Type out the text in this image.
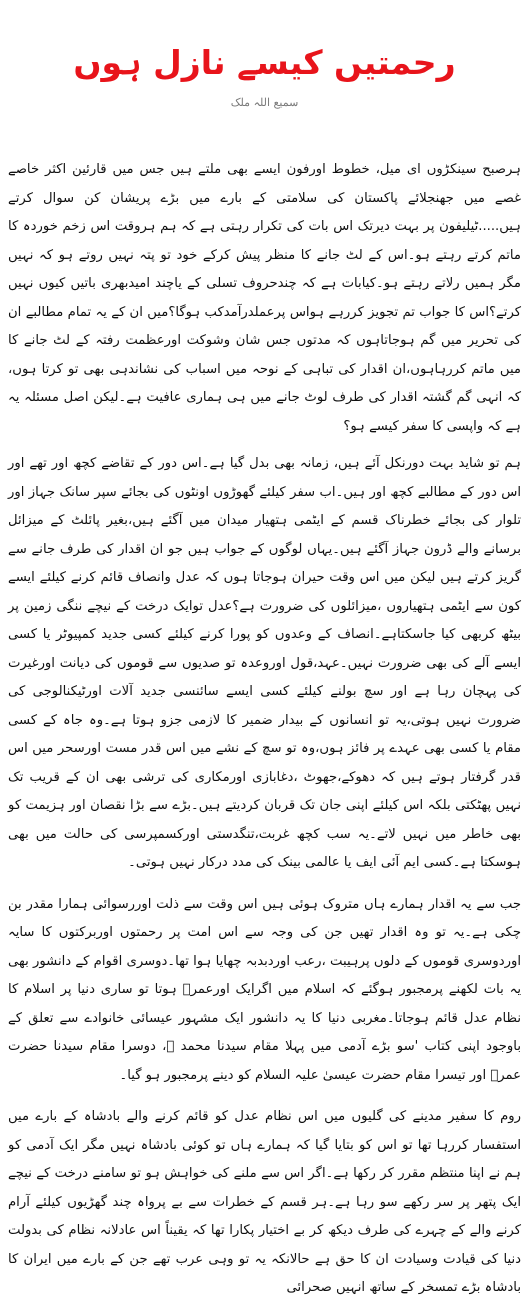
رحمتیں کیسے نازل ہوں
سمیع اللہ ملک

ہرصبح سینکڑوں ای میل، خطوط اورفون ایسے بھی ملتے ہیں جس میں قارئین اکثر خاصے غصے میں جھنجلائے پاکستان کی سلامتی کے بارے میں بڑے پریشان کن سوال کرتے ہیں.....ٹیلیفون پر بہت دیرتک اس بات کی تکرار رہتی ہے کہ ہم ہروقت اس زخم خوردہ کا ماتم کرتے رہتے ہو۔اس کے لٹ جانے کا منظر پیش کرکے خود تو پتہ نہیں روتے ہو کہ نہیں مگر ہمیں رلاتے رہتے ہو۔کیابات ہے کہ چندحروف تسلی کے یاچند امیدبھری باتیں کیوں نہیں کرتے؟اس کا جواب تم تجویز کررہے ہواس پرعملدرآمدکب ہوگا؟میں ان کے یہ تمام مطالبے ان کی تحریر میں گم ہوجاتاہوں کہ مدتوں جس شان وشوکت اورعظمت رفتہ کے لٹ جانے کا میں ماتم کررہاہوں،ان اقدار کی تباہی کے نوحہ میں اسباب کی نشاندہی بھی تو کرتا ہوں، کہ انہی گم گشتہ اقدار کی طرف لوٹ جانے میں ہی ہماری عافیت ہے۔لیکن اصل مسئلہ یہ ہے کہ واپسی کا سفر کیسے ہو؟

ہم تو شاید بہت دورنکل آئے ہیں، زمانہ بھی بدل گیا ہے۔اس دور کے تقاضے کچھ اور تھے اور اس دور کے مطالبے کچھ اور ہیں۔اب سفر کیلئے گھوڑوں اونٹوں کی بجائے سپر سانک جہاز اور تلوار کی بجائے خطرناک قسم کے ایٹمی ہتھیار میدان میں آگئے ہیں،بغیر پائلٹ کے میزائل برسانے والے ڈرون جہاز آگئے ہیں۔یہاں لوگوں کے جواب ہیں جو ان اقدار کی طرف جانے سے گریز کرتے ہیں لیکن میں اس وقت حیران ہوجاتا ہوں کہ عدل وانصاف قائم کرنے کیلئے ایسے کون سے ایٹمی ہتھیاروں ،میزائلوں کی ضرورت ہے؟عدل توایک درخت کے نیچے ننگی زمین پر بیٹھ کربھی کیا جاسکتاہے۔انصاف کے وعدوں کو پورا کرنے کیلئے کسی جدید کمپیوٹر یا کسی ایسے آلے کی بھی ضرورت نہیں۔عہد،قول اوروعدہ تو صدیوں سے قوموں کی دیانت اورغیرت کی پہچان رہا ہے اور سچ بولنے کیلئے کسی ایسے سائنسی جدید آلات اورٹیکنالوجی کی ضرورت نہیں ہوتی،یہ تو انسانوں کے بیدار ضمیر کا لازمی جزو ہوتا ہے۔وہ جاہ کے کسی مقام یا کسی بھی عہدے پر فائز ہوں،وہ تو سچ کے نشے میں اس قدر مست اورسحر میں اس قدر گرفتار ہوتے ہیں کہ دھوکے،جھوٹ ،دغابازی اورمکاری کی ترشی بھی ان کے قریب تک نہیں پھٹکتی بلکہ اس کیلئے اپنی جان تک قربان کردیتے ہیں۔بڑے سے بڑا نقصان اور ہزیمت کو بھی خاطر میں نہیں لاتے۔یہ سب کچھ غربت،تنگدستی اورکسمپرسی کی حالت میں بھی ہوسکتا ہے۔کسی ایم آئی ایف یا عالمی بینک کی مدد درکار نہیں ہوتی۔

جب سے یہ اقدار ہمارے ہاں متروک ہوئی ہیں اس وقت سے ذلت اوررسوائی ہمارا مقدر بن چکی ہے۔یہ تو وہ اقدار تھیں جن کی وجہ سے اس امت پر رحمتوں اوربرکتوں کا سایہ اوردوسری قوموں کے دلوں پرہیبت ،رعب اوردبدبہ چھایا ہوا تھا۔دوسری اقوام کے دانشور بھی یہ بات لکھنے پرمجبور ہوگئے کہ اسلام میں اگرایک اورعمرؓ ہوتا تو ساری دنیا پر اسلام کا نظام عدل قائم ہوجاتا۔مغربی دنیا کا یہ دانشور ایک مشہور عیسائی خانوادے سے تعلق کے باوجود اپنی کتاب 'سو بڑے آدمی میں پہلا مقام سیدنا محمد ﷺ، دوسرا مقام سیدنا حضرت عمرؓ اور تیسرا مقام حضرت عیسیٰ علیہ السلام کو دینے پرمجبور ہو گیا۔

روم کا سفیر مدینے کی گلیوں میں اس نظام عدل کو قائم کرنے والے بادشاہ کے بارے میں استفسار کررہا تھا تو اس کو بتایا گیا کہ ہمارے ہاں تو کوئی بادشاہ نہیں مگر ایک آدمی کو ہم نے اپنا منتظم مقرر کر رکھا ہے۔اگر اس سے ملنے کی خواہش ہو تو سامنے درخت کے نیچے ایک پتھر پر سر رکھے سو رہا ہے۔ہر قسم کے خطرات سے بے پرواہ چند گھڑیوں کیلئے آرام کرنے والے کے چہرے کی طرف دیکھ کر بے اختیار پکارا تھا کہ یقیناً اس عادلانہ نظام کی بدولت دنیا کی قیادت وسیادت ان کا حق ہے حالانکہ یہ تو وہی عرب تھے جن کے بارے میں ایران کا بادشاہ بڑے تمسخر کے ساتھ انہیں صحرائی
